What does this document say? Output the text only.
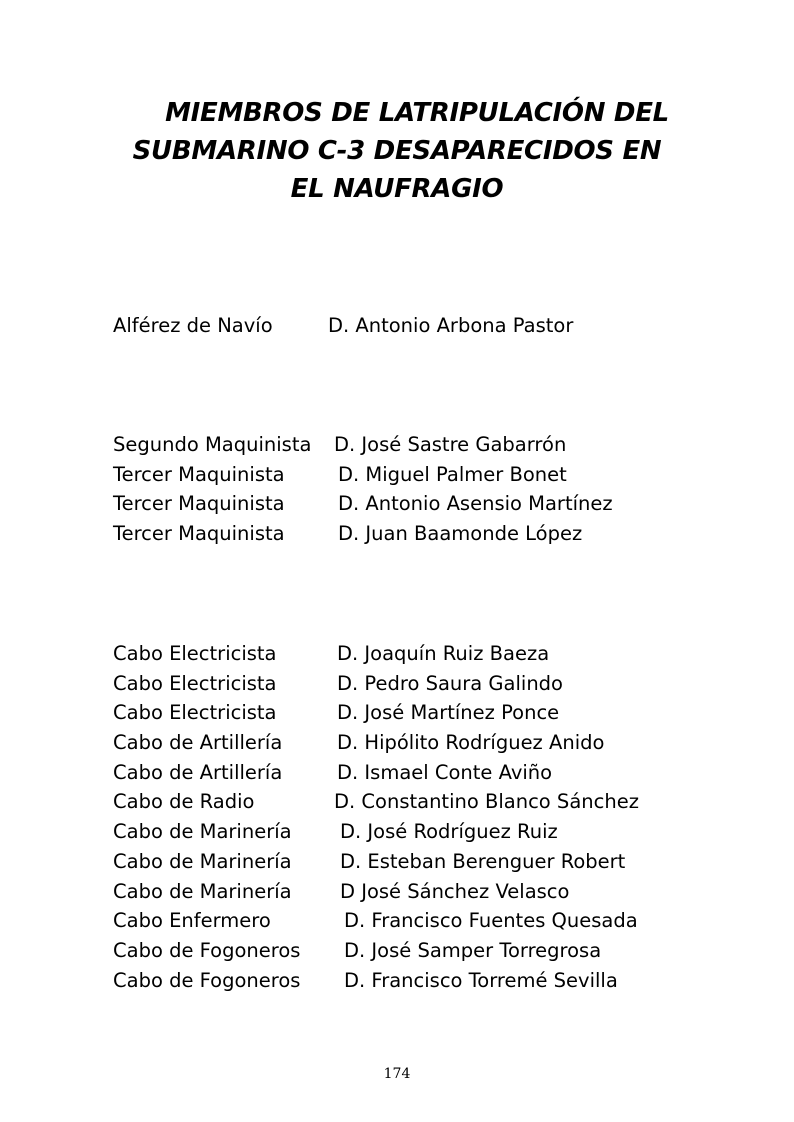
MIEMBROS DE LATRIPULACIÓN DEL
SUBMARINO C-3 DESAPARECIDOS EN
EL NAUFRAGIO
Alférez de Navío	D. Antonio Arbona Pastor
Segundo Maquinista D. José Sastre Gabarrón
Tercer Maquinista	D. Miguel Palmer Bonet
Tercer Maquinista	D. Antonio Asensio Martínez
Tercer Maquinista	D. Juan Baamonde López
Cabo Electricista	D. Joaquín Ruiz Baeza
Cabo Electricista	D. Pedro Saura Galindo
Cabo Electricista	D. José Martínez Ponce
Cabo de Artillería	D. Hipólito Rodríguez Anido
Cabo de Artillería	D. Ismael Conte Aviño
Cabo de Radio	D. Constantino Blanco Sánchez
Cabo de Marinería D. José Rodríguez Ruiz
Cabo de Marinería D. Esteban Berenguer Robert
Cabo de Marinería D José Sánchez Velasco
Cabo Enfermero	D. Francisco Fuentes Quesada
Cabo de Fogoneros D. José Samper Torregrosa
Cabo de Fogoneros D. Francisco Torremé Sevilla
174
